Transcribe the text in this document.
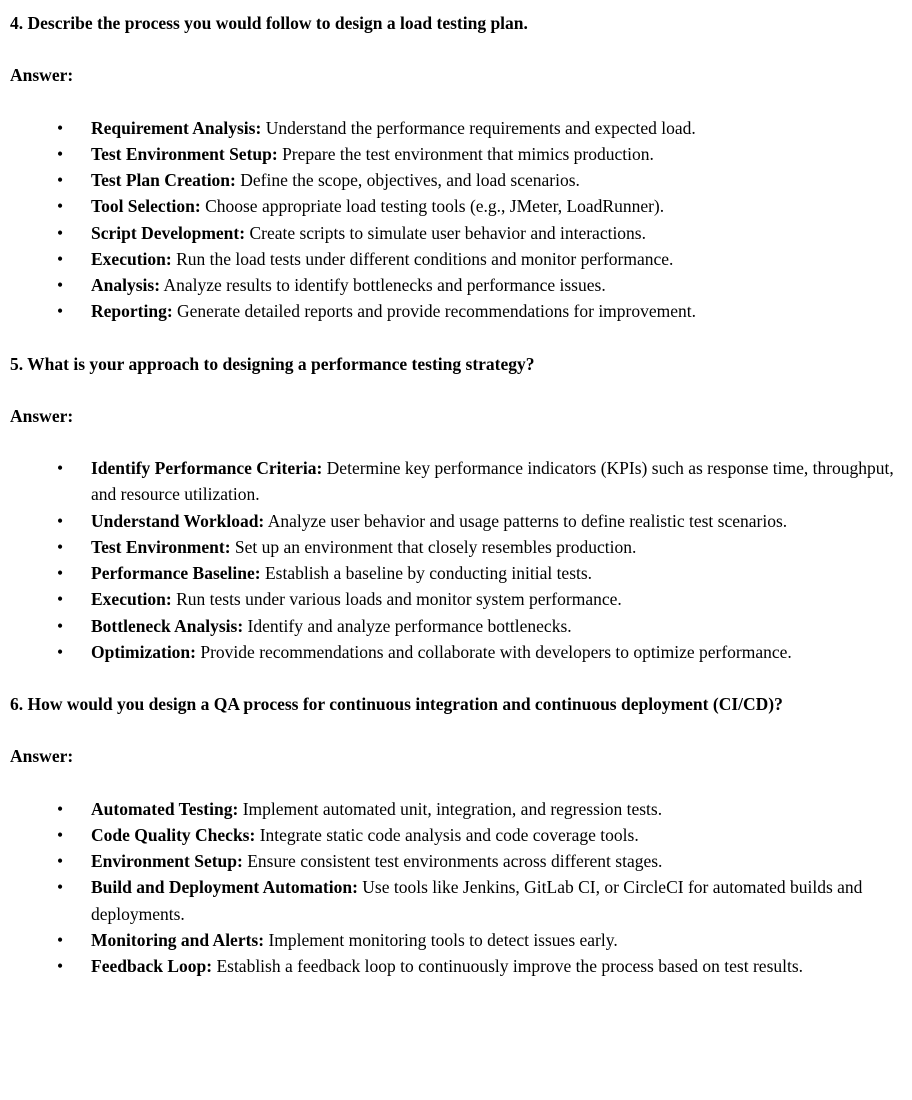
4. Describe the process you would follow to design a load testing plan.

Answer:

• Requirement Analysis: Understand the performance requirements and expected load.
• Test Environment Setup: Prepare the test environment that mimics production.
• Test Plan Creation: Define the scope, objectives, and load scenarios.
• Tool Selection: Choose appropriate load testing tools (e.g., JMeter, LoadRunner).
• Script Development: Create scripts to simulate user behavior and interactions.
• Execution: Run the load tests under different conditions and monitor performance.
• Analysis: Analyze results to identify bottlenecks and performance issues.
• Reporting: Generate detailed reports and provide recommendations for improvement.

5. What is your approach to designing a performance testing strategy?

Answer:

• Identify Performance Criteria: Determine key performance indicators (KPIs) such as response time, throughput, and resource utilization.
• Understand Workload: Analyze user behavior and usage patterns to define realistic test scenarios.
• Test Environment: Set up an environment that closely resembles production.
• Performance Baseline: Establish a baseline by conducting initial tests.
• Execution: Run tests under various loads and monitor system performance.
• Bottleneck Analysis: Identify and analyze performance bottlenecks.
• Optimization: Provide recommendations and collaborate with developers to optimize performance.

6. How would you design a QA process for continuous integration and continuous deployment (CI/CD)?

Answer:

• Automated Testing: Implement automated unit, integration, and regression tests.
• Code Quality Checks: Integrate static code analysis and code coverage tools.
• Environment Setup: Ensure consistent test environments across different stages.
• Build and Deployment Automation: Use tools like Jenkins, GitLab CI, or CircleCI for automated builds and deployments.
• Monitoring and Alerts: Implement monitoring tools to detect issues early.
• Feedback Loop: Establish a feedback loop to continuously improve the process based on test results.
